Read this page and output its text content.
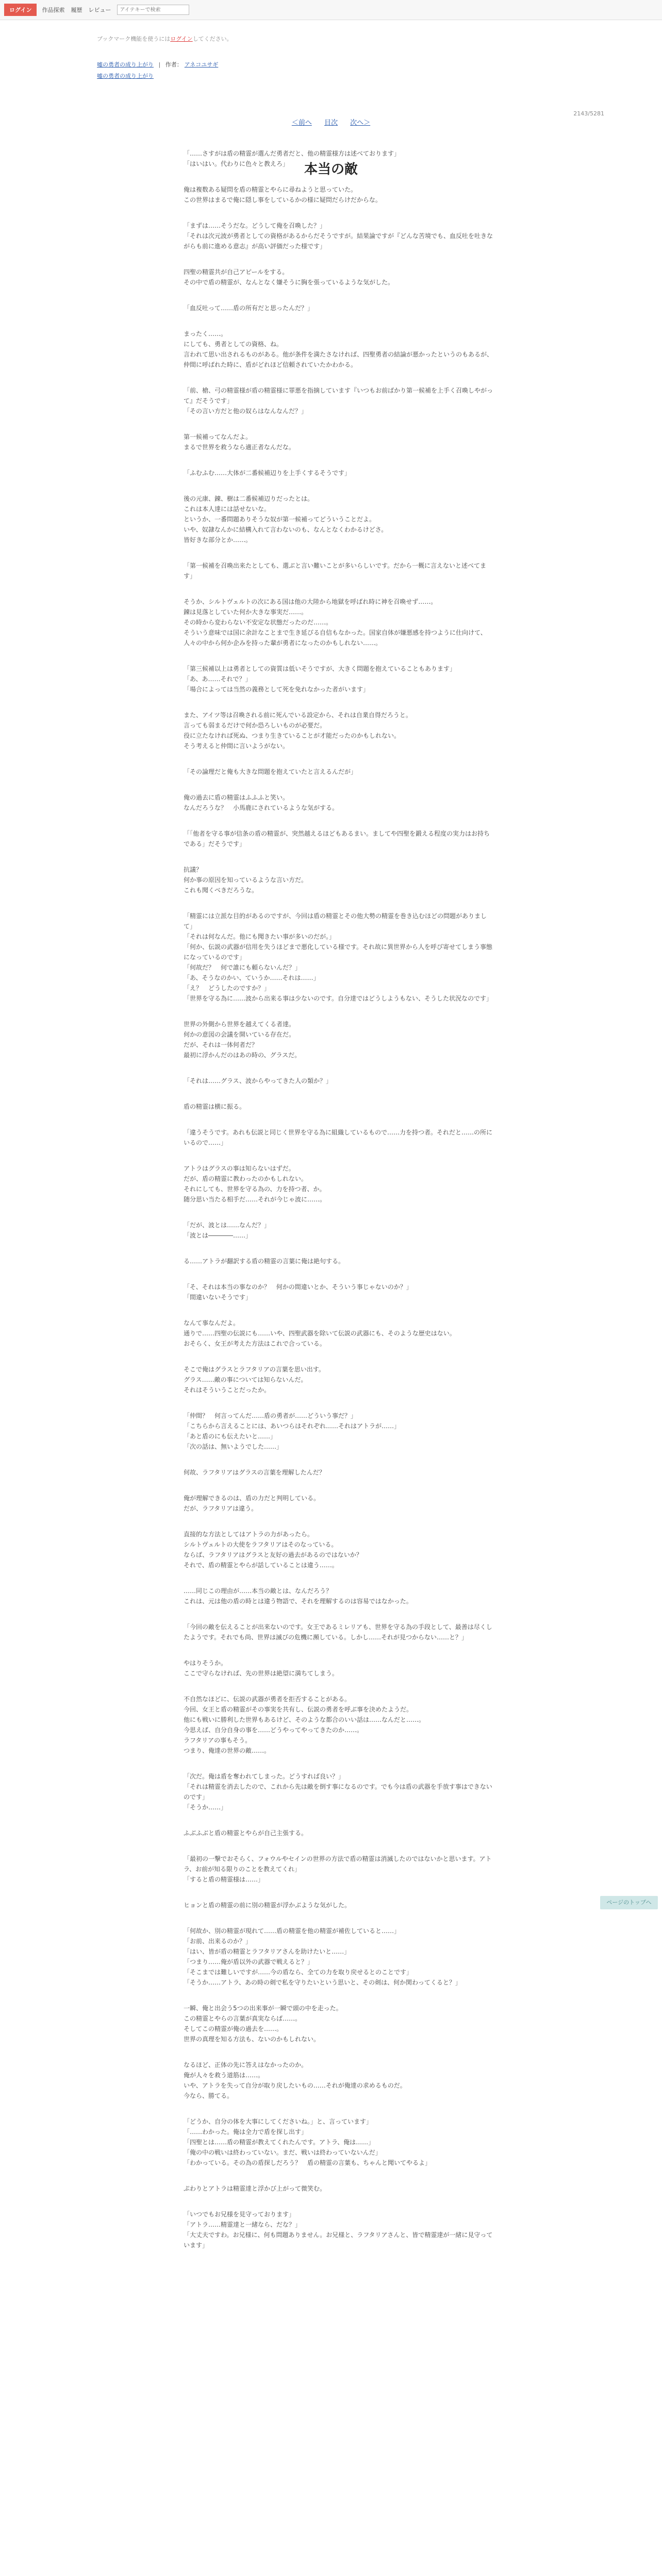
ログイン	作品探索 履歴 レビュー
アイテキーで検索
ブックマーク機能を使うにはログインしてください。
嘘の勇者の成り上がり | 作者： アネコユサギ
嘘の勇者の成り上がり
＜前へ 目次 次へ＞
2143/5281
本当の敵

「……さすがは盾の精霊が選んだ勇者だと、他の精霊様方は述べております」
「はいはい。代わりに色々と教えろ」

俺は複数ある疑問を盾の精霊とやらに尋ねようと思っていた。
この世界はまるで俺に隠し事をしているかの様に疑問だらけだからな。

「まずは……そうだな。どうして俺を召喚した？」
「それは次元波が勇者としての資格があるからだそうですが。結果論ですが『どんな苦境でも、血反吐を吐きながらも前に進める意志』が高い評価だった様です」

四聖の精霊共が自己アピールをする。
その中で盾の精霊が、なんとなく嫌そうに胸を張っているような気がした。

「血反吐って……盾の所有だと思ったんだ？」

まったく……。
にしても、勇者としての資格、ね。
言われて思い出されるものがある。他が条件を満たさなければ、四聖勇者の結論が悪かったというのもあるが、仲間に呼ばれた時に、盾がどれほど信頼されていたかわかる。

「前、槍、弓の精霊様が盾の精霊様に罪悪を指摘しています『いつもお前ばかり第一候補を上手く召喚しやがって』だそうです」
「その言い方だと他の奴らはなんなんだ？」

第一候補ってなんだよ。
まるで世界を救うなら適正者なんだな。

「ふむふむ……大体が二番候補辺りを上手くするそうです」

後の元康、錬、樹は二番候補辺りだったとは。
これは本人達には話せないな。
というか、一番問題ありそうな奴が第一候補ってどういうことだよ。
いや、奴隷なんかに結構入れて言わないのも、なんとなくわかるけどさ。
皆好きな部分とか……。

「第一候補を召喚出来たとしても、選ぶと言い難いことが多いらしいです。だから一概に言えないと述べてます」

そうか、シルトヴェルトの次にある国は他の大陸から地獄を呼ばれ時に神を召喚せず……。
錬は見落としていた何か大きな事実だ……。
その時から変わらない不安定な状態だったのだ……。
そういう意味では国に余計なことまで生き延びる自信もなかった。国家自体が嫌悪感を持つように仕向けて、人々の中から何か企みを持った輩が勇者になったのかもしれない……。

「第三候補以上は勇者としての資質は低いそうですが、大きく問題を抱えていることもあります」
「あ、あ……それで？」
「場合によっては当然の義務として死を免れなかった者がいます」

また、アイツ等は召喚される前に死んでいる設定から、それは自業自得だろうと。
言っても弱まるだけで何か恐ろしいものが必要だ。
役に立たなければ死ぬ、つまり生きていることが才能だったのかもしれない。
そう考えると仲間に言いようがない。

「その論理だと俺も大きな問題を抱えていたと言えるんだが」

俺の過去に盾の精霊はふふふと笑い。
なんだろうな？　小馬鹿にされているような気がする。

「「他者を守る事が信条の盾の精霊が、突然越えるほどもあるまい。ましてや四聖を鍛える程度の実力はお持ちである」だそうです」

抗議？
何か事の原因を知っているような言い方だ。
これも聞くべきだろうな。

「精霊には立派な目的があるのですが、今回は盾の精霊とその他大勢の精霊を巻き込むほどの問題がありまして」
「それは何なんだ。他にも聞きたい事が多いのだが。」
「何か、伝説の武器が信用を失うほどまで悪化している様です。それ故に異世界から人を呼び寄せてしまう事態になっているのです」
「何故だ？　何で誰にも頼らないんだ？」
「あ、そうなのかい、ていうか……それは……」
「え？　どうしたのですか？」
「世界を守る為に……波から出来る事は少ないのです。自分達ではどうしようもない、そうした状況なのです」

世界の外側から世界を越えてくる者達。
何かの意図の会議を開いている存在だ。
だが、それは一体何者だ？
最初に浮かんだのはあの時の、グラスだ。

「それは……グラス、波からやってきた人の類か？」

盾の精霊は横に振る。

「違うそうです。あれも伝説と同じく世界を守る為に組織しているもので……力を持つ者。それだと……の所にいるので……」

アトラはグラスの事は知らないはずだ。
だが、盾の精霊に教わったのかもしれない。
それにしても、世界を守る為の、力を持つ者、か。
随分思い当たる相手だ……それが今じゃ波に……。

「だが、波とは……なんだ？」
「波とは――――……」

る……アトラが翻訳する盾の精霊の言葉に俺は絶句する。

「そ、それは本当の事なのか？　何かの間違いとか、そういう事じゃないのか？」
「間違いないそうです」

なんて事なんだよ。
通りで……四聖の伝説にも……いや、四聖武器を除いて伝説の武器にも、そのような歴史はない。
おそらく、女王が考えた方法はこれで合っている。

そこで俺はグラスとラフタリアの言葉を思い出す。
グラス……敵の事については知らないんだ。
それはそういうことだったか。

「仲間？　何言ってんだ……盾の勇者が……どういう事だ？」
「こちらから言えることには、あいつらはそれぞれ……それはアトラが……」
「あと盾のにも伝えたいと……」
「次の話は、無いようでした……」

何故、ラフタリアはグラスの言葉を理解したんだ？

俺が理解できるのは、盾の力だと判明している。
だが、ラフタリアは違う。

直接的な方法としてはアトラの力があったら。
シルトヴェルトの大使をラフタリアはそのなっている。
ならば、ラフタリアはグラスと友好の過去があるのではないか？
それで、盾の精霊とやらが話していることは違う……。

……同じこの理由が……本当の敵とは、なんだろう？
これは、元は他の盾の時とは違う物語で、それを理解するのは容易ではなかった。

「今回の敵を伝えることが出来ないのです。女王であるミレリアも、世界を守る為の手段として、最善は尽くしたようです。それでも尚、世界は滅びの危機に瀕している。しかし……それが見つからない……と？」

やはりそうか。
ここで守らなければ、先の世界は絶望に満ちてしまう。

不自然なほどに、伝説の武器が勇者を拒否することがある。
今回、女王と盾の精霊がその事実を共有し、伝説の勇者を呼ぶ事を決めたようだ。
他にも戦いに勝利した世界もあるけど、そのような都合のいい話は……なんだと……。
今思えば、自分自身の事を……どうやってやってきたのか……。
ラフタリアの事もそう。
つまり、俺達の世界の敵……。

「次だ。俺は盾を奪われてしまった。どうすれば良い？」
「それは精霊を消去したので、これから先は敵を倒す事になるのです。でも今は盾の武器を手放す事はできないのです」
「そうか……」

ふぶふぶと盾の精霊とやらが自己主張する。

「最初の一撃でおそらく、フォウルやセインの世界の方法で盾の精霊は消滅したのではないかと思います。アトラ、お前が知る限りのことを教えてくれ」
「すると盾の精霊様は……」

ヒョンと盾の精霊の前に別の精霊が浮かぶような気がした。

「何故か、別の精霊が現れて……盾の精霊を他の精霊が補佐していると……」
「お前、出来るのか？」
「はい、皆が盾の精霊とラフタリアさんを助けたいと……」
「つまり……俺が盾以外の武器で戦えると？」
「そこまでは難しいですが……今の盾なら、全ての力を取り戻せるとのことです」
「そうか……アトラ、あの時の剣で私を守りたいという思いと、その剣は、何か関わってくると？」

一瞬、俺と出会う5つの出来事が一瞬で頭の中を走った。
この精霊とやらの言葉が真実ならば……。
そしてこの精霊が俺の過去を……。
世界の真理を知る方法も、ないのかもしれない。

なるほど、正体の先に答えはなかったのか。
俺が人々を救う道筋は……。
いや、アトラを失って自分が取り戻したいもの……それが俺達の求めるものだ。
今なら、勝てる。

「どうか、自分の体を大事にしてくださいね。」と、言っています」
「……わかった。俺は全力で盾を探し出す」
「四聖とは……盾の精霊が教えてくれたんです。アトラ、俺は……」
「俺の中の戦いは終わっていない。まだ、戦いは終わっていないんだ」
「わかっている。その為の盾探しだろう？　盾の精霊の言葉も、ちゃんと聞いてやるよ」

ぷわりとアトラは精霊達と浮かび上がって微笑む。

「いつでもお兄様を見守っております」
「アトラ……精霊達と一緒なら、だな？」
「大丈夫ですわ。お兄様に、何も問題ありません。お兄様と、ラフタリアさんと、皆で精霊達が一緒に見守っています」

ページのトップへ
